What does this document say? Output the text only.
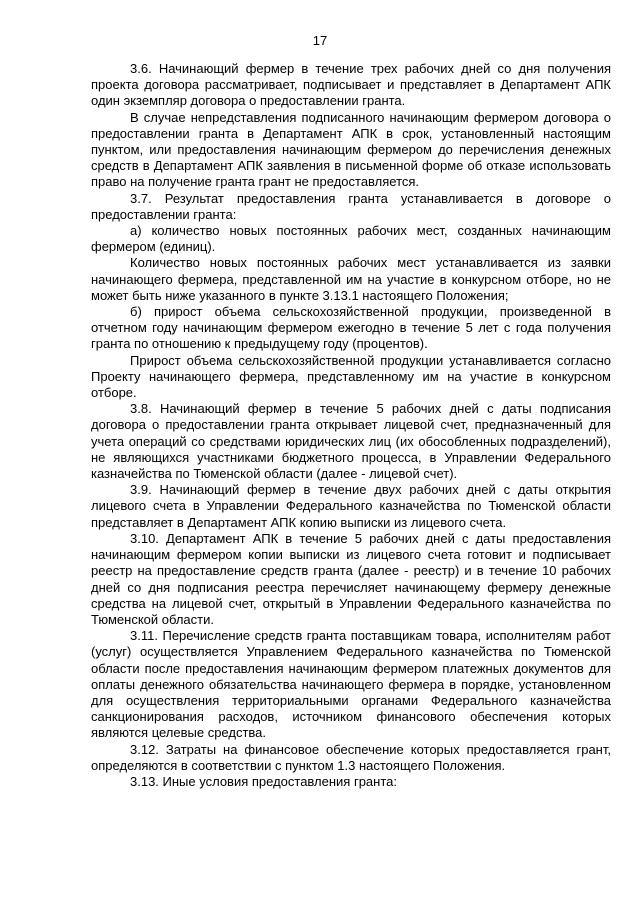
17

3.6. Начинающий фермер в течение трех рабочих дней со дня получения проекта договора рассматривает, подписывает и представляет в Департамент АПК один экземпляр договора о предоставлении гранта.

В случае непредставления подписанного начинающим фермером договора о предоставлении гранта в Департамент АПК в срок, установленный настоящим пунктом, или предоставления начинающим фермером до перечисления денежных средств в Департамент АПК заявления в письменной форме об отказе использовать право на получение гранта грант не предоставляется.

3.7. Результат предоставления гранта устанавливается в договоре о предоставлении гранта:

а) количество новых постоянных рабочих мест, созданных начинающим фермером (единиц).

Количество новых постоянных рабочих мест устанавливается из заявки начинающего фермера, представленной им на участие в конкурсном отборе, но не может быть ниже указанного в пункте 3.13.1 настоящего Положения;

б) прирост объема сельскохозяйственной продукции, произведенной в отчетном году начинающим фермером ежегодно в течение 5 лет с года получения гранта по отношению к предыдущему году (процентов).

Прирост объема сельскохозяйственной продукции устанавливается согласно Проекту начинающего фермера, представленному им на участие в конкурсном отборе.

3.8. Начинающий фермер в течение 5 рабочих дней с даты подписания договора о предоставлении гранта открывает лицевой счет, предназначенный для учета операций со средствами юридических лиц (их обособленных подразделений), не являющихся участниками бюджетного процесса, в Управлении Федерального казначейства по Тюменской области (далее - лицевой счет).

3.9. Начинающий фермер в течение двух рабочих дней с даты открытия лицевого счета в Управлении Федерального казначейства по Тюменской области представляет в Департамент АПК копию выписки из лицевого счета.

3.10. Департамент АПК в течение 5 рабочих дней с даты предоставления начинающим фермером копии выписки из лицевого счета готовит и подписывает реестр на предоставление средств гранта (далее - реестр) и в течение 10 рабочих дней со дня подписания реестра перечисляет начинающему фермеру денежные средства на лицевой счет, открытый в Управлении Федерального казначейства по Тюменской области.

3.11. Перечисление средств гранта поставщикам товара, исполнителям работ (услуг) осуществляется Управлением Федерального казначейства по Тюменской области после предоставления начинающим фермером платежных документов для оплаты денежного обязательства начинающего фермера в порядке, установленном для осуществления территориальными органами Федерального казначейства санкционирования расходов, источником финансового обеспечения которых являются целевые средства.

3.12. Затраты на финансовое обеспечение которых предоставляется грант, определяются в соответствии с пунктом 1.3 настоящего Положения.

3.13. Иные условия предоставления гранта:
